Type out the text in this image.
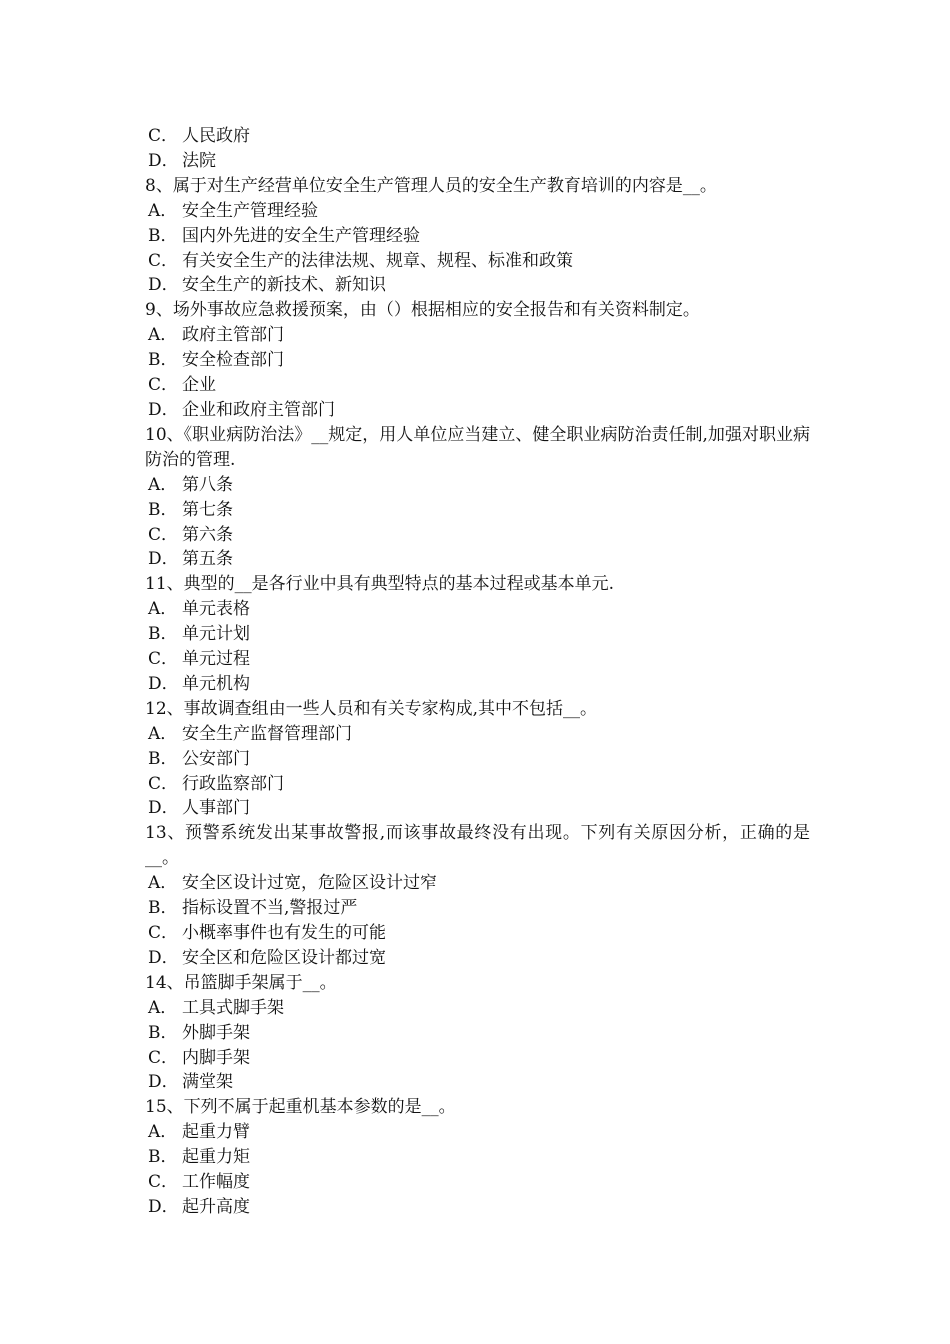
C． 人民政府
D． 法院
8、属于对生产经营单位安全生产管理人员的安全生产教育培训的内容是__。
A． 安全生产管理经验
B． 国内外先进的安全生产管理经验
C． 有关安全生产的法律法规、规章、规程、标准和政策
D． 安全生产的新技术、新知识
9、场外事故应急救援预案，由（）根据相应的安全报告和有关资料制定。
A． 政府主管部门
B． 安全检查部门
C． 企业
D． 企业和政府主管部门
10、《职业病防治法》__规定，用人单位应当建立、健全职业病防治责任制,加强对职业病防治的管理.
A． 第八条
B． 第七条
C． 第六条
D． 第五条
11、典型的__是各行业中具有典型特点的基本过程或基本单元.
A． 单元表格
B． 单元计划
C． 单元过程
D． 单元机构
12、事故调查组由一些人员和有关专家构成,其中不包括__。
A． 安全生产监督管理部门
B． 公安部门
C． 行政监察部门
D． 人事部门
13、预警系统发出某事故警报,而该事故最终没有出现。下列有关原因分析，正确的是__。
A． 安全区设计过宽，危险区设计过窄
B． 指标设置不当,警报过严
C． 小概率事件也有发生的可能
D． 安全区和危险区设计都过宽
14、吊篮脚手架属于__。
A． 工具式脚手架
B． 外脚手架
C． 内脚手架
D． 满堂架
15、下列不属于起重机基本参数的是__。
A． 起重力臂
B． 起重力矩
C． 工作幅度
D． 起升高度
